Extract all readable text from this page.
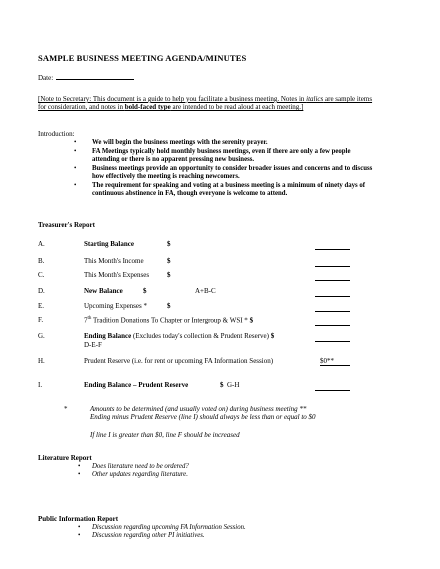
SAMPLE BUSINESS MEETING AGENDA/MINUTES
Date:
[Note to Secretary: This document is a guide to help you facilitate a business meeting. Notes in italics are sample items for consideration, and notes in bold-faced type are intended to be read aloud at each meeting.]
Introduction:
• We will begin the business meetings with the serenity prayer.
• FA Meetings typically hold monthly business meetings, even if there are only a few people attending or there is no apparent pressing new business.
• Business meetings provide an opportunity to consider broader issues and concerns and to discuss how effectively the meeting is reaching newcomers.
• The requirement for speaking and voting at a business meeting is a minimum of ninety days of continuous abstinence in FA, though everyone is welcome to attend.
Treasurer's Report
A.	Starting Balance	$
B.	This Month's Income	$
C.	This Month's Expenses	$
D.	New Balance	$	A+B-C
E.	Upcoming Expenses *	$
F.	7th Tradition Donations To Chapter or Intergroup & WSI * $
G.	Ending Balance (Excludes today's collection & Prudent Reserve) $
D-E-F
H.	Prudent Reserve (i.e. for rent or upcoming FA Information Session)	$0**
I.	Ending Balance – Prudent Reserve	$ G-H
*	Amounts to be determined (and usually voted on) during business meeting **
Ending minus Prudent Reserve (line I) should always be less than or equal to $0
If line I is greater than $0, line F should be increased
Literature Report
• Does literature need to be ordered?
• Other updates regarding literature.
Public Information Report
• Discussion regarding upcoming FA Information Session.
• Discussion regarding other PI initiatives.
